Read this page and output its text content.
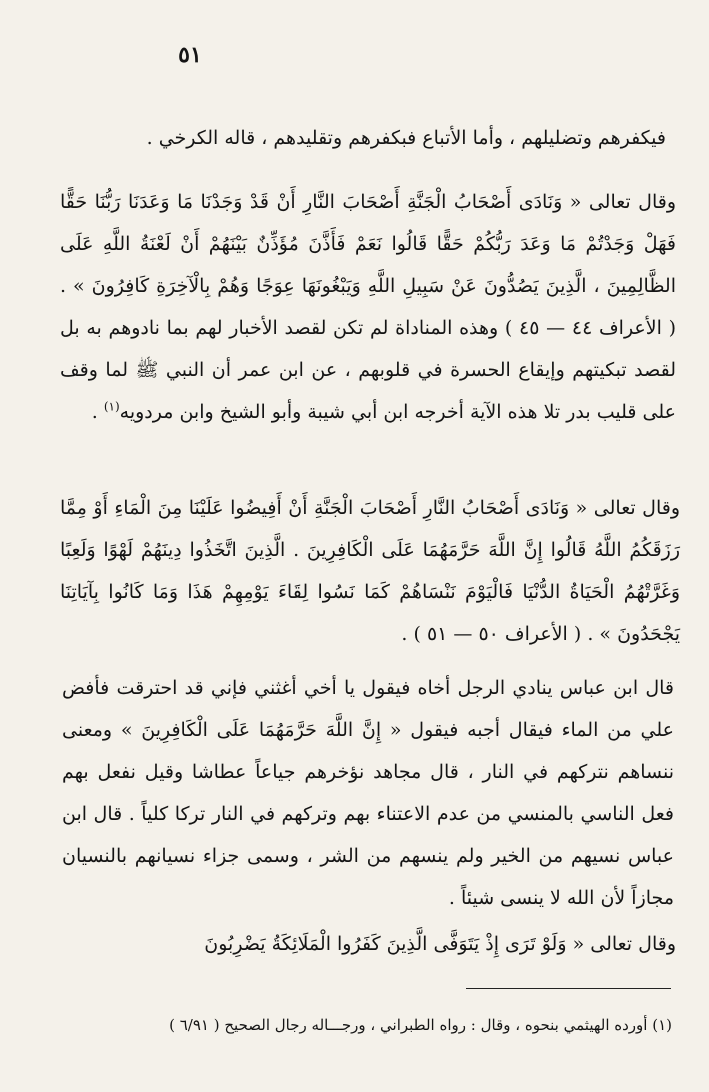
٥١

فيكفرهم وتضليلهم ، وأما الأتباع فبكفرهم وتقليدهم ، قاله الكرخي .

وقال تعالى « وَنَادَى أَصْحَابُ الْجَنَّةِ أَصْحَابَ النَّارِ أَنْ قَدْ وَجَدْنَا مَا وَعَدَنَا رَبُّنَا حَقًّا فَهَلْ وَجَدْتُمْ مَا وَعَدَ رَبُّكُمْ حَقًّا قَالُوا نَعَمْ فَأَذَّنَ مُؤَذِّنٌ بَيْنَهُمْ أَنْ لَعْنَةُ اللَّهِ عَلَى الظَّالِمِينَ ، الَّذِينَ يَصُدُّونَ عَنْ سَبِيلِ اللَّهِ وَيَبْغُونَهَا عِوَجًا وَهُمْ بِالْآخِرَةِ كَافِرُونَ » . ( الأعراف ٤٤ — ٤٥ ) وهذه المناداة لم تكن لقصد الأخبار لهم بما نادوهم به بل لقصد تبكيتهم وإيقاع الحسرة في قلوبهم ، عن ابن عمر أن النبي ﷺ لما وقف على قليب بدر تلا هذه الآية أخرجه ابن أبي شيبة وأبو الشيخ وابن مردويه$^{(١)}$ .

وقال تعالى « وَنَادَى أَصْحَابُ النَّارِ أَصْحَابَ الْجَنَّةِ أَنْ أَفِيضُوا عَلَيْنَا مِنَ الْمَاءِ أَوْ مِمَّا رَزَقَكُمُ اللَّهُ قَالُوا إِنَّ اللَّهَ حَرَّمَهُمَا عَلَى الْكَافِرِينَ . الَّذِينَ اتَّخَذُوا دِينَهُمْ لَهْوًا وَلَعِبًا وَغَرَّتْهُمُ الْحَيَاةُ الدُّنْيَا فَالْيَوْمَ نَنْسَاهُمْ كَمَا نَسُوا لِقَاءَ يَوْمِهِمْ هَذَا وَمَا كَانُوا بِآيَاتِنَا يَجْحَدُونَ » . ( الأعراف ٥٠ — ٥١ ) .

قال ابن عباس ينادي الرجل أخاه فيقول يا أخي أغثني فإني قد احترقت فأفض علي من الماء فيقال أجبه فيقول « إِنَّ اللَّهَ حَرَّمَهُمَا عَلَى الْكَافِرِينَ » ومعنى ننساهم نتركهم في النار ، قال مجاهد نؤخرهم جياعاً عطاشا وقيل نفعل بهم فعل الناسي بالمنسي من عدم الاعتناء بهم وتركهم في النار تركا كلياً . قال ابن عباس نسيهم من الخير ولم ينسهم من الشر ، وسمى جزاء نسيانهم بالنسيان مجازاً لأن الله لا ينسى شيئاً .

وقال تعالى « وَلَوْ تَرَى إِذْ يَتَوَفَّى الَّذِينَ كَفَرُوا الْمَلَائِكَةُ يَضْرِبُونَ

(١) أورده الهيثمي بنحوه ، وقال : رواه الطبراني ، ورجـــاله رجال الصحيح ( ٦/٩١ )
